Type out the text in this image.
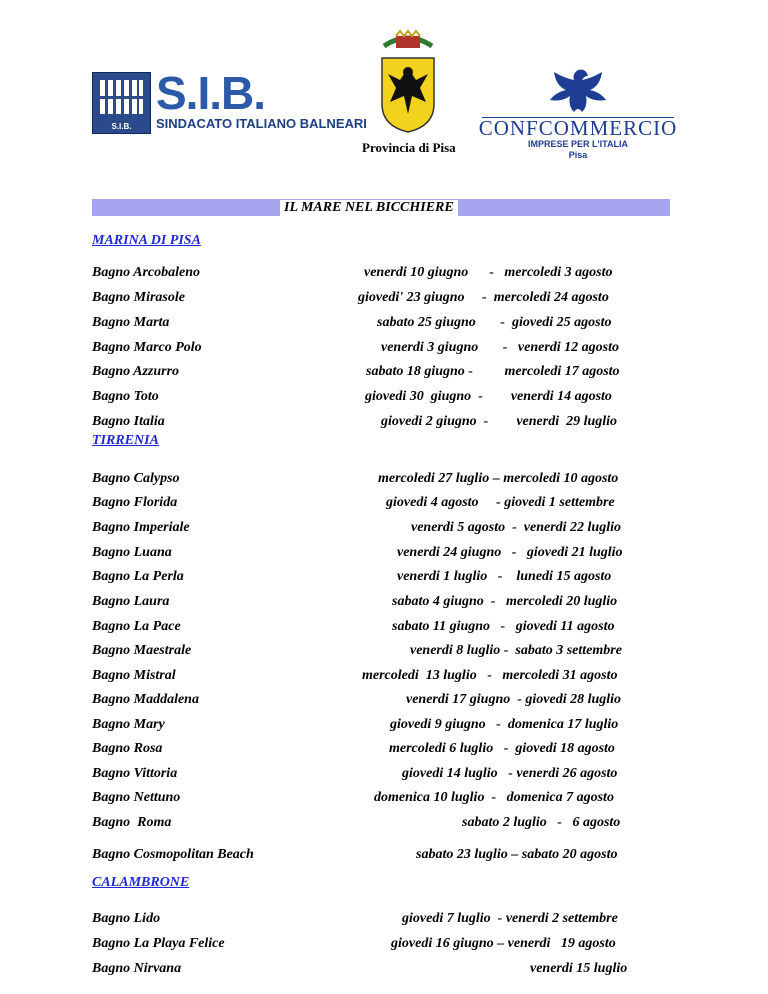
S.I.B.
S.I.B.
SINDACATO ITALIANO BALNEARI
Provincia di Pisa
CONFCOMMERCIO
IMPRESE PER L'ITALIA
Pisa
IL MARE NEL BICCHIERE
MARINA DI PISA
TIRRENIA
CALAMBRONE
Bagno Arcobaleno	venerdi 10 giugno      -   mercoledi 3 agosto
Bagno Mirasole	giovedi' 23 giugno     -  mercoledi 24 agosto
Bagno Marta	sabato 25 giugno       -  giovedi 25 agosto
Bagno Marco Polo	venerdi 3 giugno       -   venerdi 12 agosto
Bagno Azzurro	sabato 18 giugno -         mercoledi 17 agosto
Bagno Toto	giovedi 30  giugno  -        venerdi 14 agosto
Bagno Italia	giovedi 2 giugno  -        venerdi  29 luglio
Bagno Calypso	mercoledi 27 luglio – mercoledi 10 agosto
Bagno Florida	giovedi 4 agosto     - giovedi 1 settembre
Bagno Imperiale	venerdi 5 agosto  -  venerdi 22 luglio
Bagno Luana	venerdi 24 giugno   -   giovedi 21 luglio
Bagno La Perla	venerdi 1 luglio   -    lunedi 15 agosto
Bagno Laura	sabato 4 giugno  -   mercoledi 20 luglio
Bagno La Pace	sabato 11 giugno   -   giovedi 11 agosto
Bagno Maestrale	venerdi 8 luglio -  sabato 3 settembre
Bagno Mistral	mercoledi  13 luglio   -   mercoledi 31 agosto
Bagno Maddalena	venerdi 17 giugno  - giovedi 28 luglio
Bagno Mary	giovedi 9 giugno   -  domenica 17 luglio
Bagno Rosa	mercoledi 6 luglio   -  giovedi 18 agosto
Bagno Vittoria	giovedi 14 luglio   - venerdi 26 agosto
Bagno Nettuno	domenica 10 luglio  -   domenica 7 agosto
Bagno  Roma	sabato 2 luglio   -   6 agosto
Bagno Cosmopolitan Beach	sabato 23 luglio – sabato 20 agosto
Bagno Lido	giovedi 7 luglio  - venerdi 2 settembre
Bagno La Playa Felice	giovedi 16 giugno – venerdi   19 agosto
Bagno Nirvana	venerdi 15 luglio
